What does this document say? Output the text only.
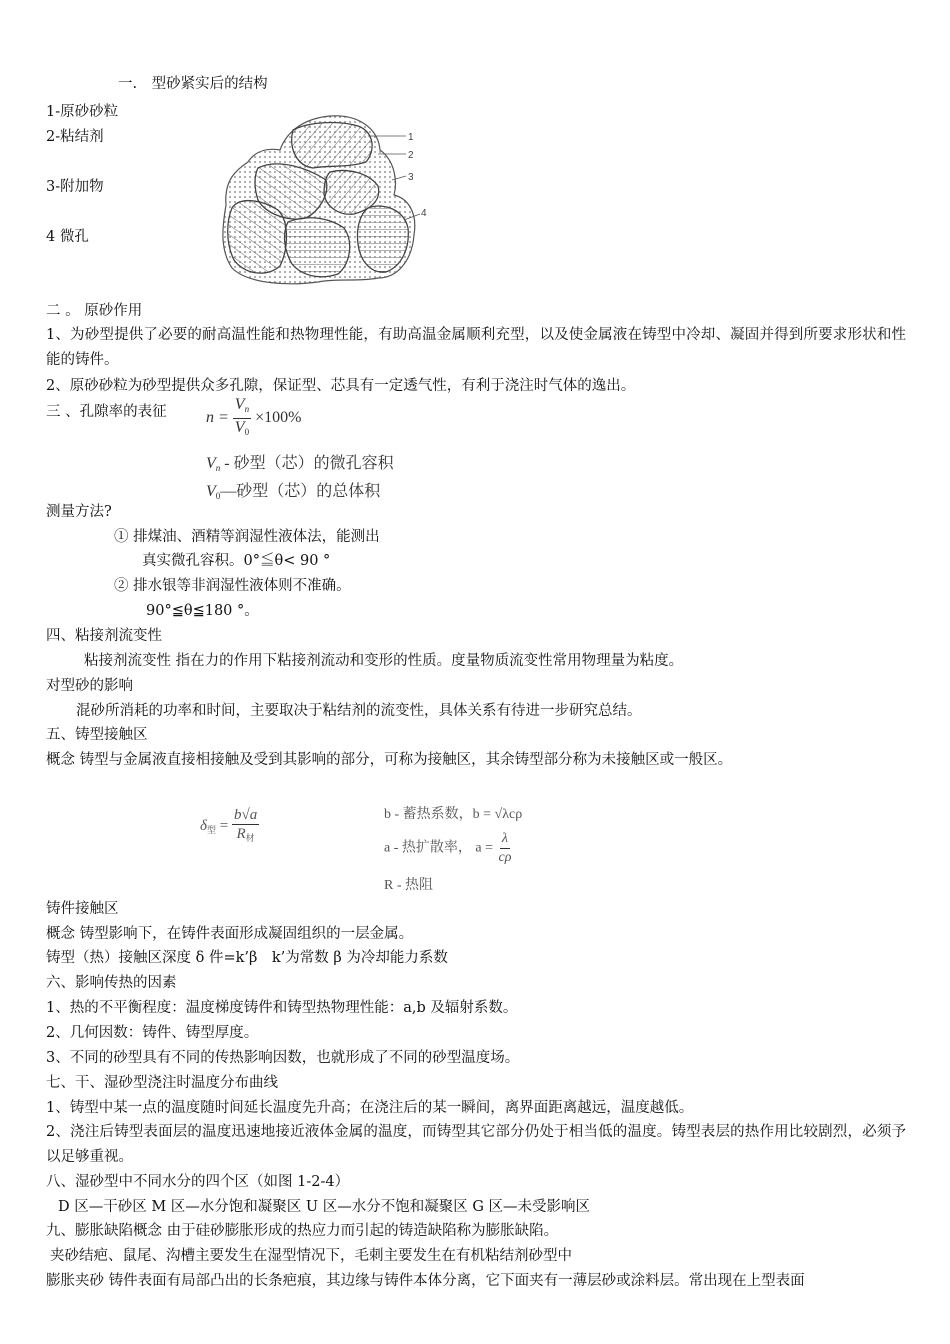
一.　型砂紧实后的结构
1-原砂砂粒
2-粘结剂
3-附加物
4 微孔
1
2
3
4
二 。 原砂作用
1、为砂型提供了必要的耐高温性能和热物理性能，有助高温金属顺利充型，以及使金属液在铸型中冷却、凝固并得到所要求形状和性能的铸件。
2、原砂砂粒为砂型提供众多孔隙，保证型、芯具有一定透气性，有利于浇注时气体的逸出。
三 、孔隙率的表征 $n = \frac{V_n}{V_0} \times 100\%$
$V_n$ - 砂型（芯）的微孔容积
$V_0—$砂型（芯）的总体积
测量方法?
① 排煤油、酒精等润湿性液体法，能测出
真实微孔容积。0°≦θ< 90 °
② 排水银等非润湿性液体则不准确。
90°≦θ≦180 °。
四、粘接剂流变性
粘接剂流变性 指在力的作用下粘接剂流动和变形的性质。度量物质流变性常用物理量为粘度。
对型砂的影响
混砂所消耗的功率和时间，主要取决于粘结剂的流变性，具体关系有待进一步研究总结。
五、铸型接触区
概念 铸型与金属液直接相接触及受到其影响的部分，可称为接触区，其余铸型部分称为未接触区或一般区。
$\delta_型 = \frac{b√a}{R_材}$	b - 蓄热系数，b = √λcρ
a - 热扩散率， $a = \frac{\lambda}{c\rho}$
R - 热阻
铸件接触区
概念 铸型影响下，在铸件表面形成凝固组织的一层金属。
铸型（热）接触区深度 δ 件=k’β　k’为常数 β 为冷却能力系数
六、影响传热的因素
1、热的不平衡程度：温度梯度铸件和铸型热物理性能：a,b 及辐射系数。
2、几何因数：铸件、铸型厚度。
3、不同的砂型具有不同的传热影响因数，也就形成了不同的砂型温度场。
七、干、湿砂型浇注时温度分布曲线
1、铸型中某一点的温度随时间延长温度先升高；在浇注后的某一瞬间，离界面距离越远，温度越低。
2、浇注后铸型表面层的温度迅速地接近液体金属的温度，而铸型其它部分仍处于相当低的温度。铸型表层的热作用比较剧烈，必须予以足够重视。
八、湿砂型中不同水分的四个区（如图 1-2-4）
D 区—干砂区 M 区—水分饱和凝聚区 U 区—水分不饱和凝聚区 G 区—未受影响区
九、膨胀缺陷概念 由于硅砂膨胀形成的热应力而引起的铸造缺陷称为膨胀缺陷。
夹砂结疤、鼠尾、沟槽主要发生在湿型情况下，毛刺主要发生在有机粘结剂砂型中
膨胀夹砂 铸件表面有局部凸出的长条疤痕，其边缘与铸件本体分离，它下面夹有一薄层砂或涂料层。常出现在上型表面
